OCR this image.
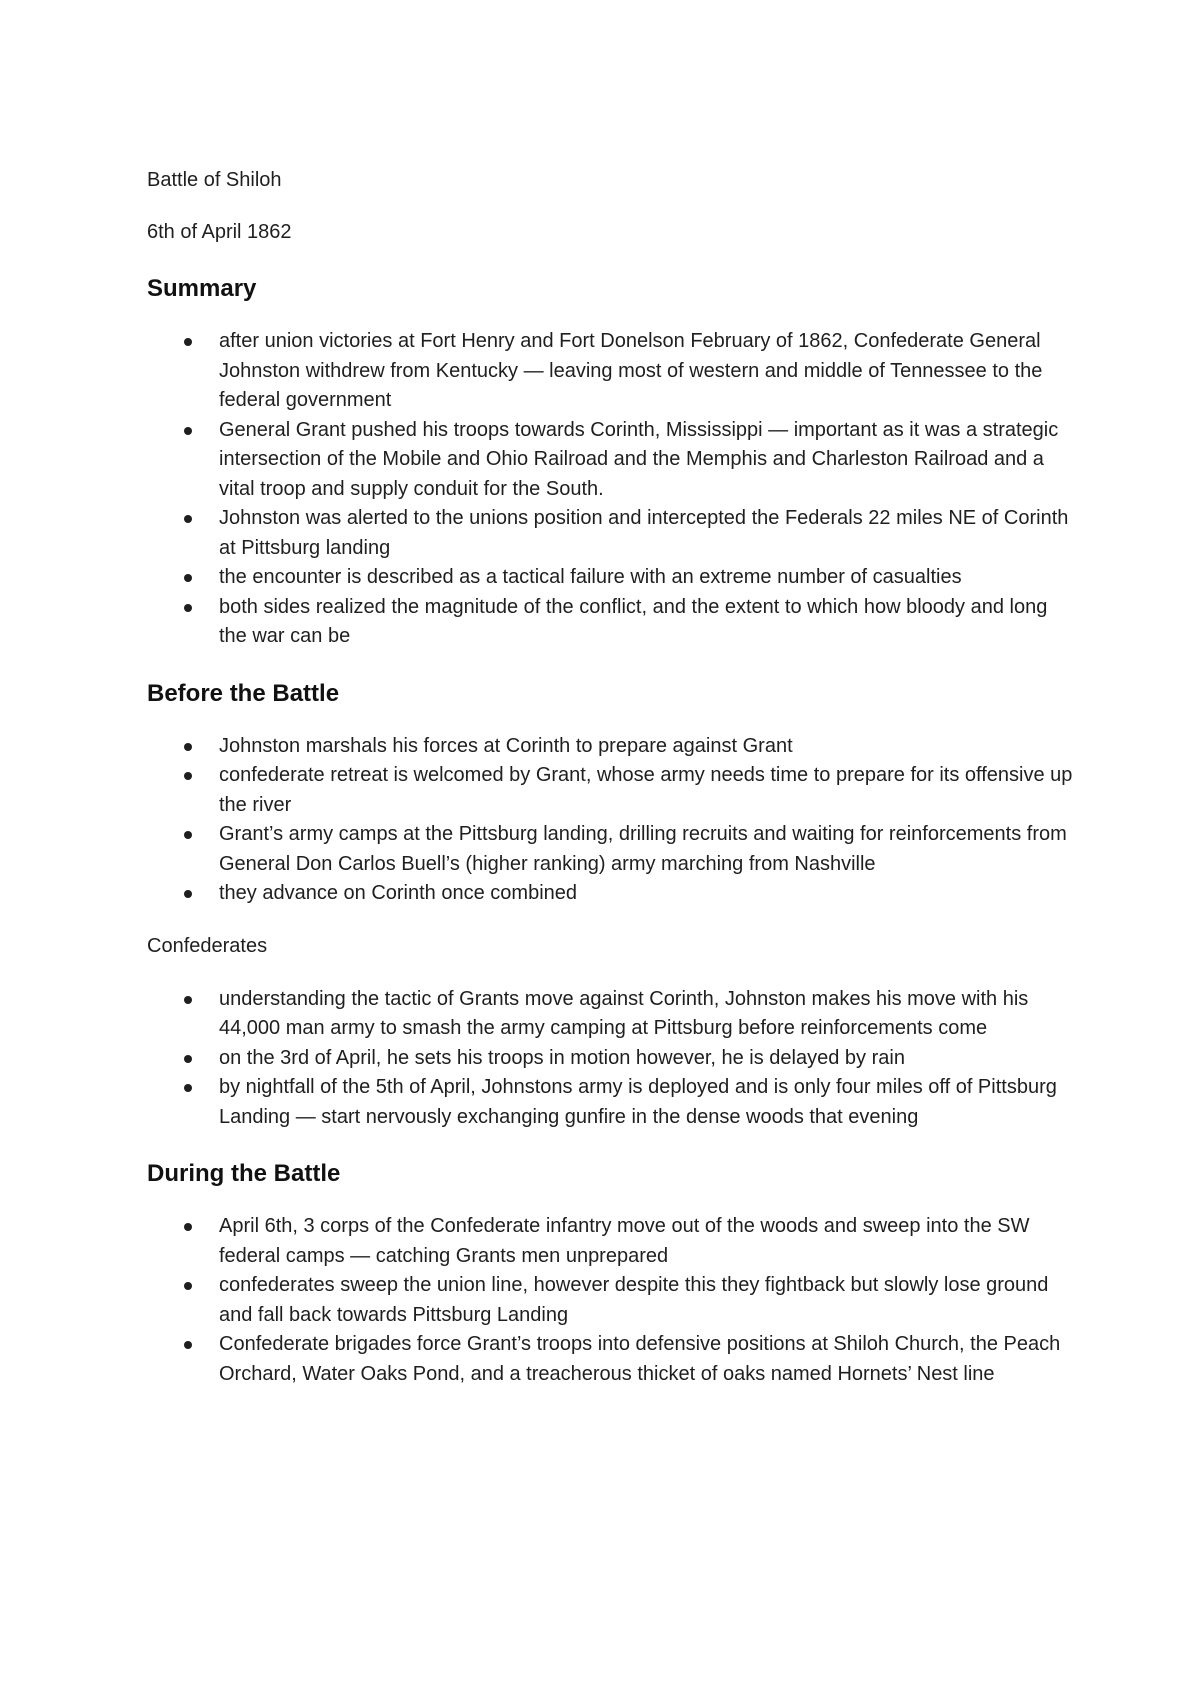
Battle of Shiloh

6th of April 1862

Summary
after union victories at Fort Henry and Fort Donelson February of 1862, Confederate General Johnston withdrew from Kentucky — leaving most of western and middle of Tennessee to the federal government
General Grant pushed his troops towards Corinth, Mississippi — important as it was a strategic intersection of the Mobile and Ohio Railroad and the Memphis and Charleston Railroad and a vital troop and supply conduit for the South.
Johnston was alerted to the unions position and intercepted the Federals 22 miles NE of Corinth at Pittsburg landing
the encounter is described as a tactical failure with an extreme number of casualties
both sides realized the magnitude of the conflict, and the extent to which how bloody and long the war can be
Before the Battle
Johnston marshals his forces at Corinth to prepare against Grant
confederate retreat is welcomed by Grant, whose army needs time to prepare for its offensive up the river
Grant’s army camps at the Pittsburg landing, drilling recruits and waiting for reinforcements from General Don Carlos Buell’s (higher ranking) army marching from Nashville
they advance on Corinth once combined

Confederates

understanding the tactic of Grants move against Corinth, Johnston makes his move with his 44,000 man army to smash the army camping at Pittsburg before reinforcements come
on the 3rd of April, he sets his troops in motion however, he is delayed by rain
by nightfall of the 5th of April, Johnstons army is deployed and is only four miles off of Pittsburg Landing — start nervously exchanging gunfire in the dense woods that evening
During the Battle
April 6th, 3 corps of the Confederate infantry move out of the woods and sweep into the SW federal camps — catching Grants men unprepared
confederates sweep the union line, however despite this they fightback but slowly lose ground and fall back towards Pittsburg Landing
Confederate brigades force Grant’s troops into defensive positions at Shiloh Church, the Peach Orchard, Water Oaks Pond, and a treacherous thicket of oaks named Hornets’ Nest line
